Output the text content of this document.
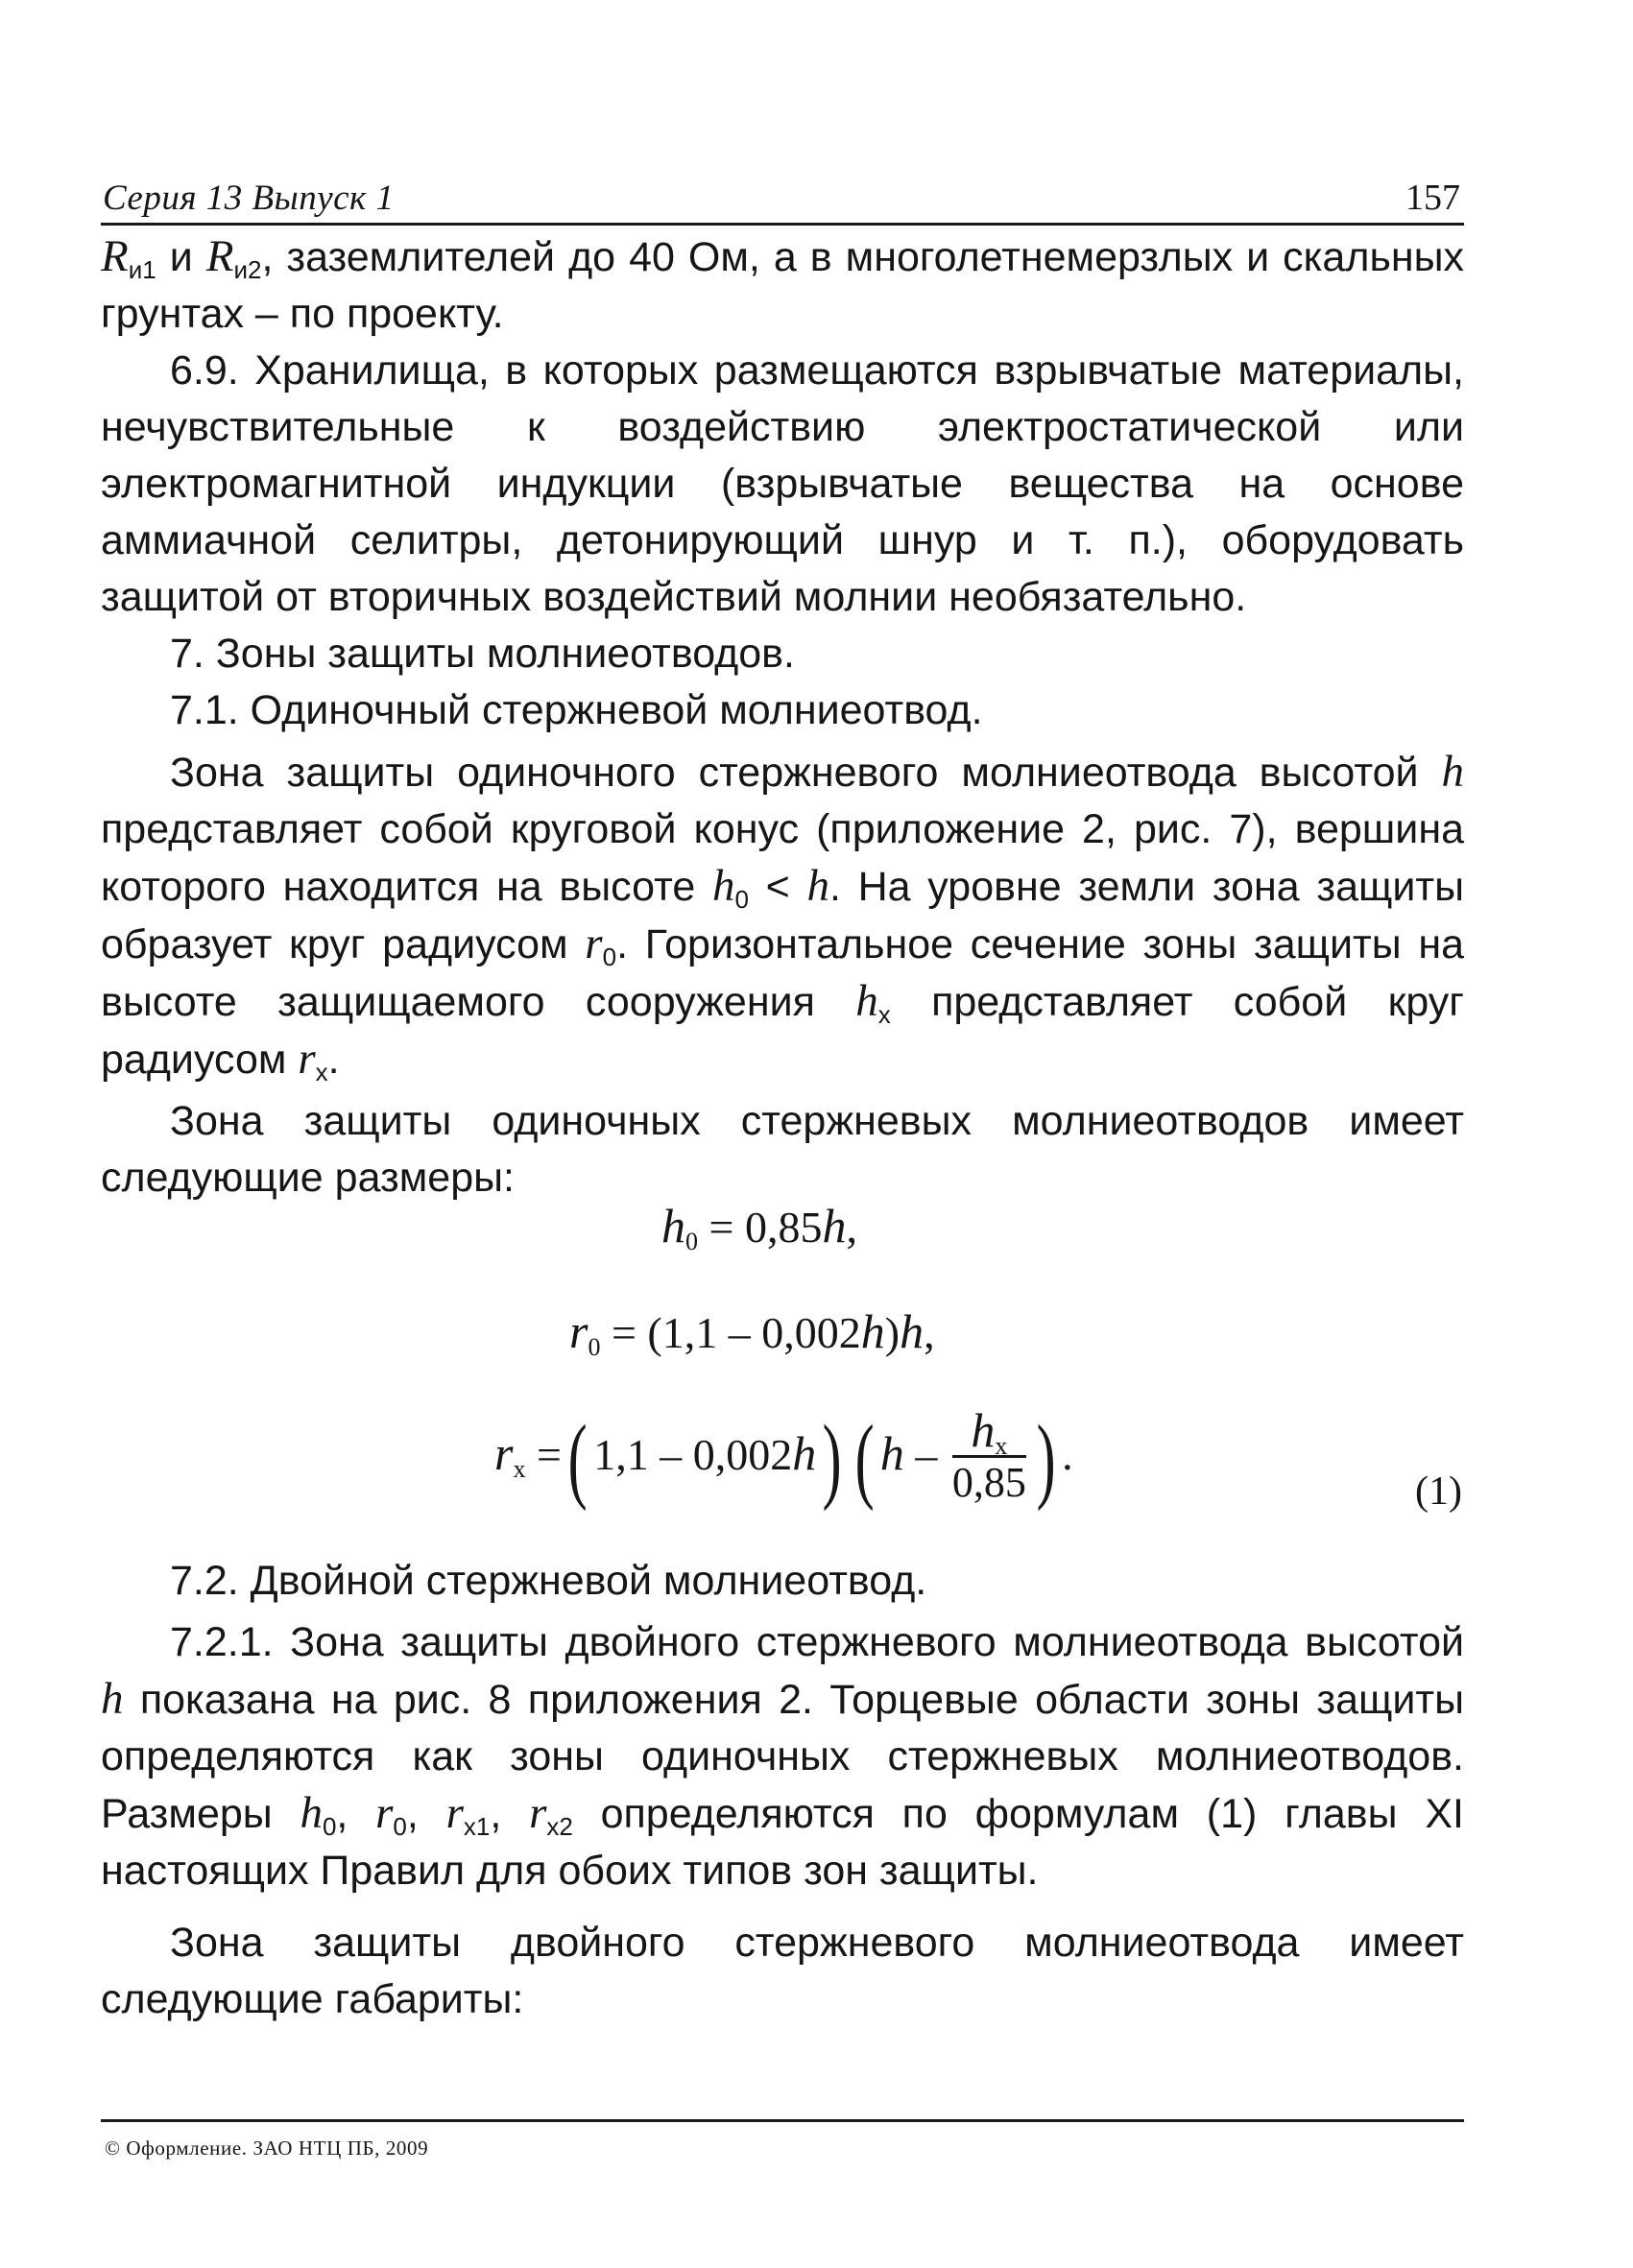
Серия 13 Выпуск 1	157

$R_{и1}$ и $R_{и2}$, заземлителей до 40 Ом, а в многолетнемерзлых и скальных грунтах – по проекту.

6.9. Хранилища, в которых размещаются взрывчатые материалы, нечувствительные к воздействию электростатической или электромагнитной индукции (взрывчатые вещества на основе аммиачной селитры, детонирующий шнур и т. п.), оборудовать защитой от вторичных воздействий молнии необязательно.

7. Зоны защиты молниеотводов.

7.1. Одиночный стержневой молниеотвод.

Зона защиты одиночного стержневого молниеотвода высотой h представляет собой круговой конус (приложение 2, рис. 7), вершина которого находится на высоте $h_0 < h$. На уровне земли зона защиты образует круг радиусом $r_0$. Горизонтальное сечение зоны защиты на высоте защищаемого сооружения $h_x$ представляет собой круг радиусом $r_x$.

Зона защиты одиночных стержневых молниеотводов имеет следующие размеры:

$h_0 = 0,85h$,
$r_0 = (1,1 - 0,002h)h$,
$r_x$ =( 1,1 – 0,002h) ( h – $\frac{h_x}{0,85}$ ) .
(1)

7.2. Двойной стержневой молниеотвод.

7.2.1. Зона защиты двойного стержневого молниеотвода высотой h показана на рис. 8 приложения 2. Торцевые области зоны защиты определяются как зоны одиночных стержневых молниеотводов. Размеры $h_0$, $r_0$, $r_{x1}$, $r_{x2}$ определяются по формулам (1) главы XI настоящих Правил для обоих типов зон защиты.

Зона защиты двойного стержневого молниеотвода имеет следующие габариты:

© Оформление. ЗАО НТЦ ПБ, 2009
